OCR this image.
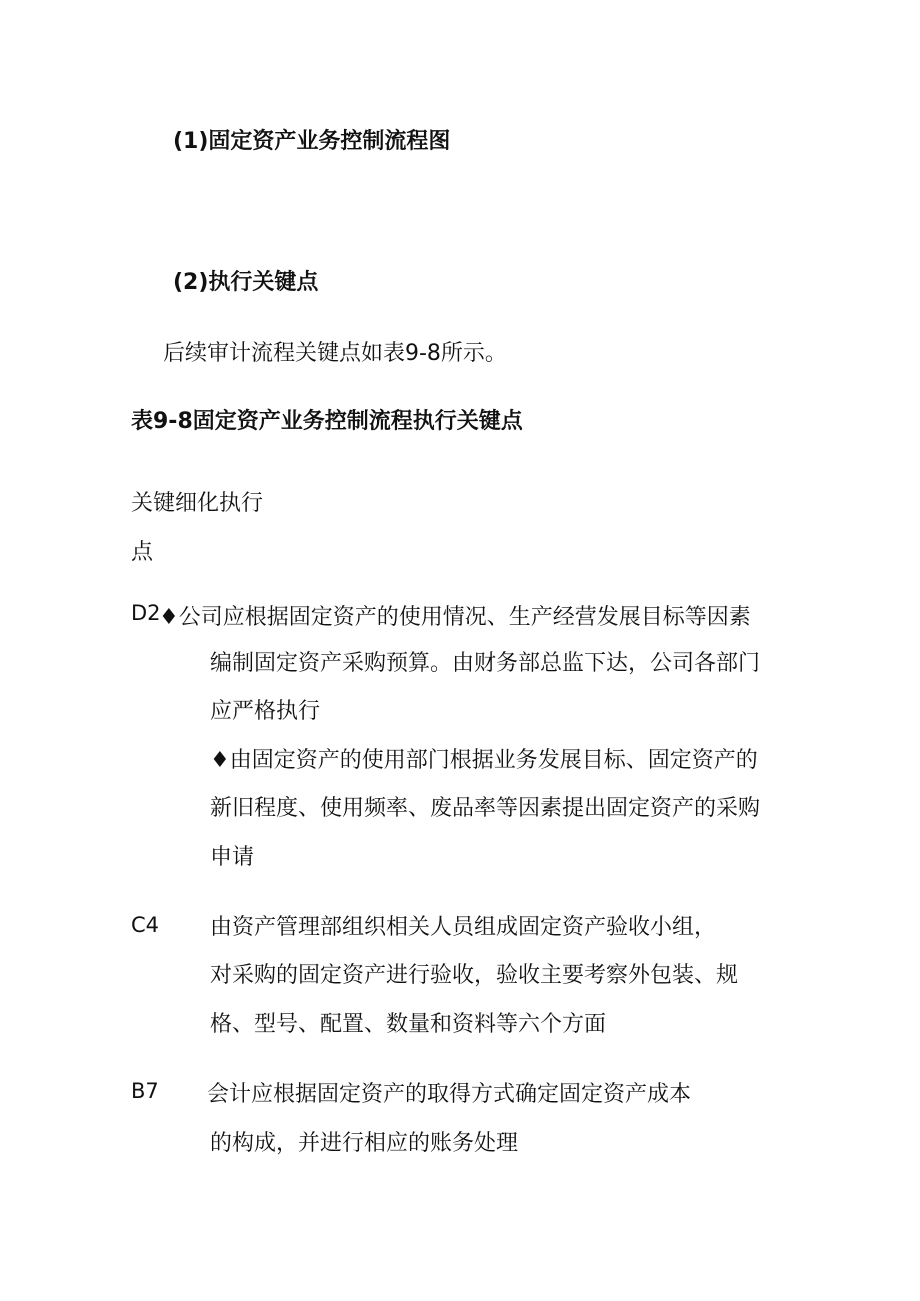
(1)固定资产业务控制流程图
(2)执行关键点
后续审计流程关键点如表9-8所示。
表9-8固定资产业务控制流程执行关键点
关键细化执行
点
D2
♦公司应根据固定资产的使用情况、生产经营发展目标等因素
编制固定资产采购预算。由财务部总监下达，公司各部门
应严格执行
♦由固定资产的使用部门根据业务发展目标、固定资产的
新旧程度、使用频率、废品率等因素提出固定资产的采购
申请
C4 由资产管理部组织相关人员组成固定资产验收小组，
对采购的固定资产进行验收，验收主要考察外包装、规
格、型号、配置、数量和资料等六个方面
B7 会计应根据固定资产的取得方式确定固定资产成本
的构成，并进行相应的账务处理
